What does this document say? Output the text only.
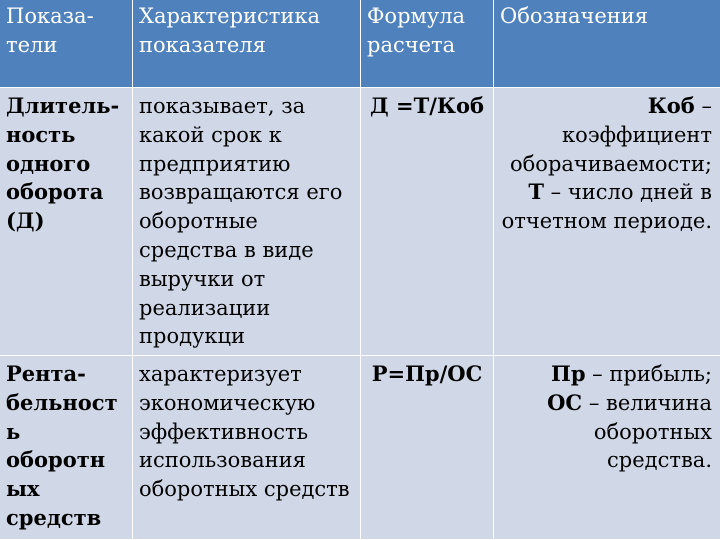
Показа-
тели
Характеристика
показателя
Формула
расчета
Обозначения
Длитель-
ность
одного
оборота
(Д)
показывает, за
какой срок к
предприятию
возвращаются его
оборотные
средства в виде
выручки от
реализации
продукци
Д =Т/Коб	Коб –
коэффициент
оборачиваемости;
Т – число дней в
отчетном периоде.
Рента-
бельност
ь
оборотн
ых
средств
характеризует
экономическую
эффективность
использования
оборотных средств
Р=Пр/ОС	Пр – прибыль;
ОС – величина
оборотных
средства.
